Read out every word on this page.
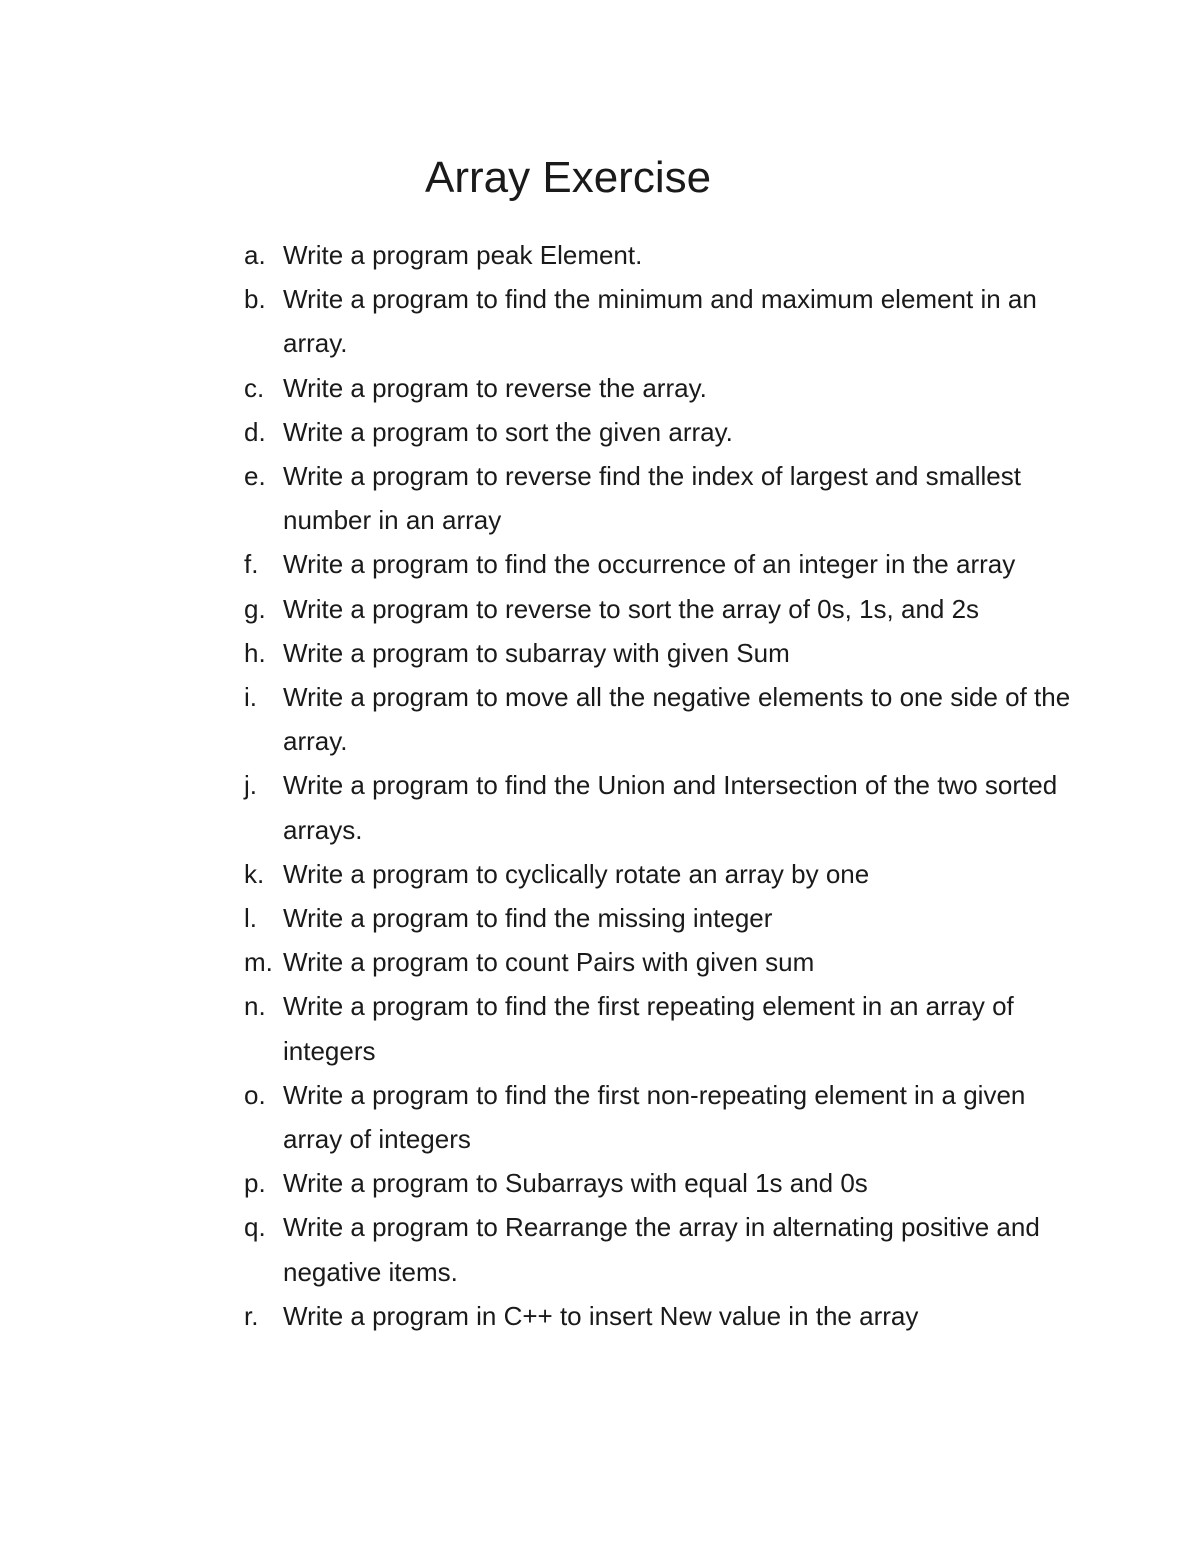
Array Exercise
a. Write a program peak Element.
b. Write a program to find the minimum and maximum element in an array.
c. Write a program to reverse the array.
d. Write a program to sort the given array.
e. Write a program to reverse find the index of largest and smallest number in an array
f. Write a program to find the occurrence of an integer in the array
g. Write a program to reverse to sort the array of 0s, 1s, and 2s
h. Write a program to subarray with given Sum
i. Write a program to move all the negative elements to one side of the array.
j. Write a program to find the Union and Intersection of the two sorted arrays.
k. Write a program to cyclically rotate an array by one
l. Write a program to find the missing integer
m. Write a program to count Pairs with given sum
n. Write a program to find the first repeating element in an array of integers
o. Write a program to find the first non-repeating element in a given array of integers
p. Write a program to Subarrays with equal 1s and 0s
q. Write a program to Rearrange the array in alternating positive and negative items.
r. Write a program in C++ to insert New value in the array
